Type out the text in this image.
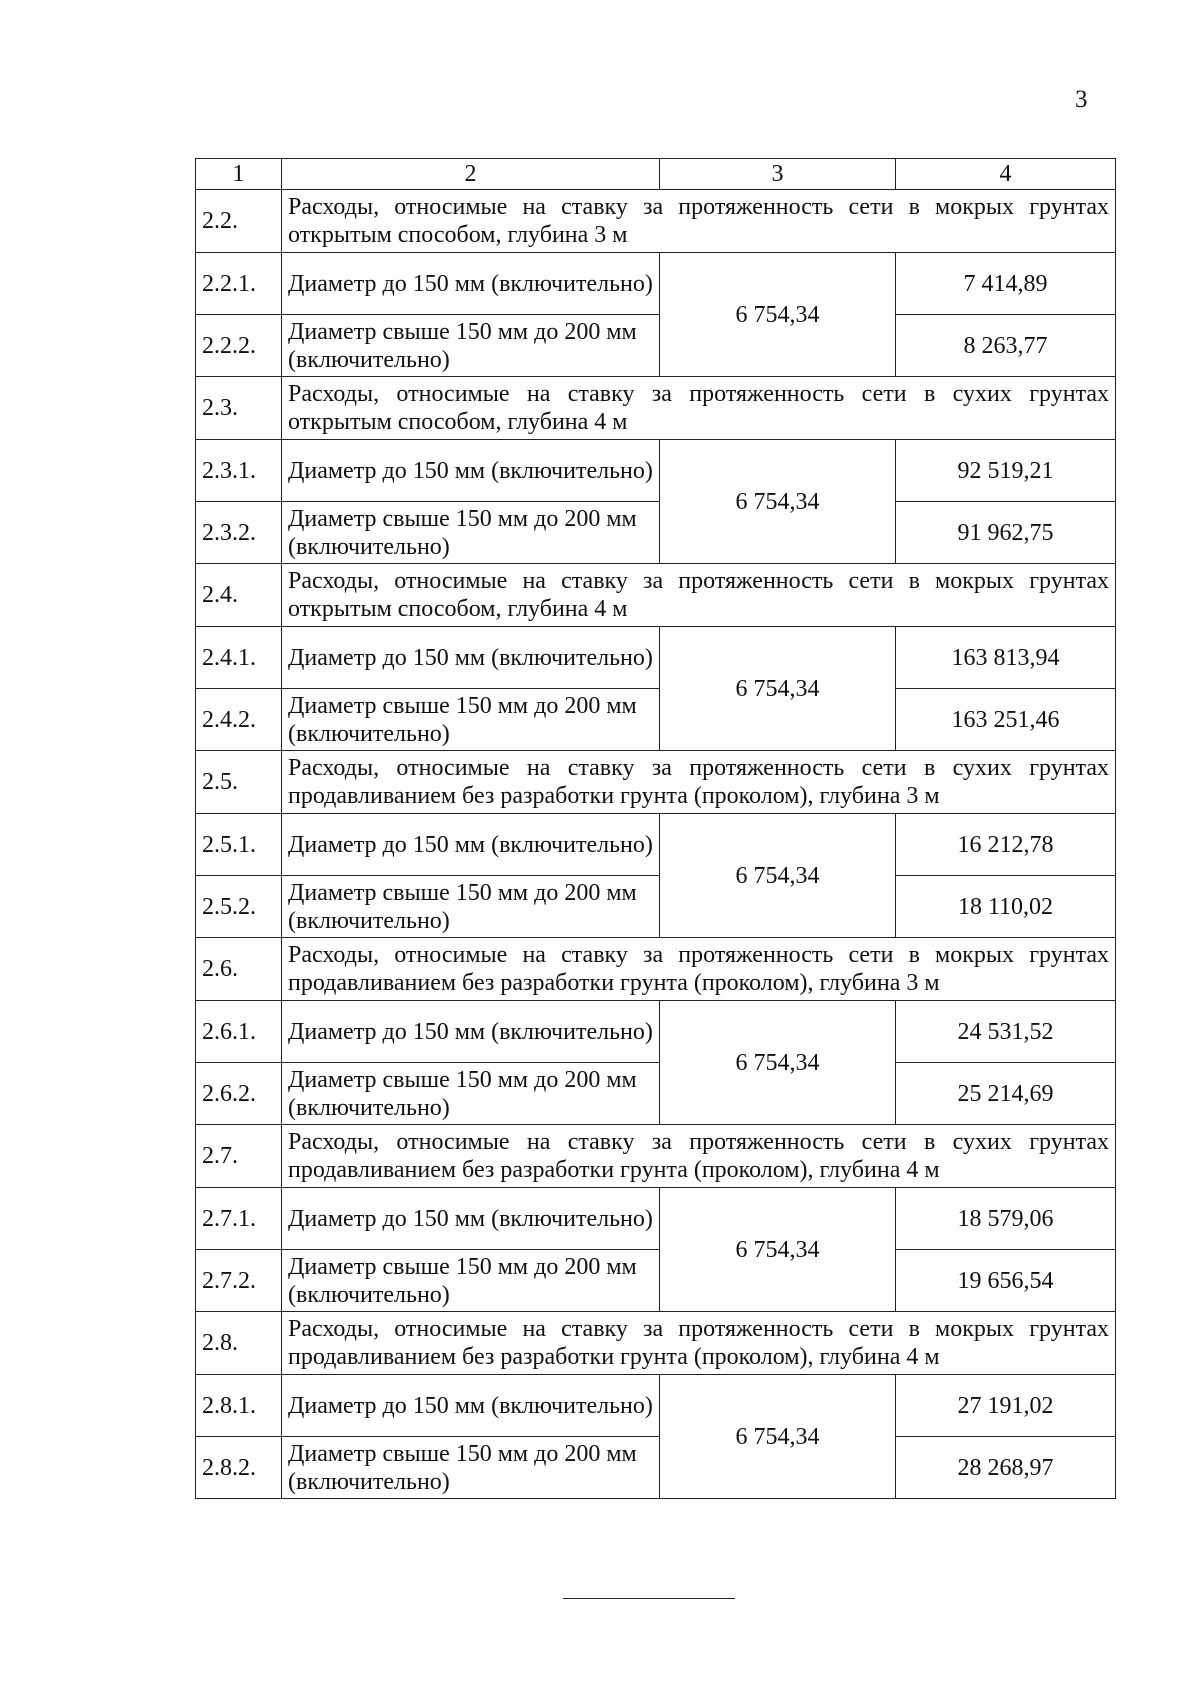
3
1	2	3	4
2.2.	Расходы, относимые на ставку за протяженность сети в мокрых грунтах открытым способом, глубина 3 м		
2.2.1.	Диаметр до 150 мм (включительно)	6 754,34	7 414,89
2.2.2.	Диаметр свыше 150 мм до 200 мм (включительно)		8 263,77
2.3.	Расходы, относимые на ставку за протяженность сети в сухих грунтах открытым способом, глубина 4 м		
2.3.1.	Диаметр до 150 мм (включительно)	6 754,34	92 519,21
2.3.2.	Диаметр свыше 150 мм до 200 мм (включительно)		91 962,75
2.4.	Расходы, относимые на ставку за протяженность сети в мокрых грунтах открытым способом, глубина 4 м		
2.4.1.	Диаметр до 150 мм (включительно)	6 754,34	163 813,94
2.4.2.	Диаметр свыше 150 мм до 200 мм (включительно)		163 251,46
2.5.	Расходы, относимые на ставку за протяженность сети в сухих грунтах продавливанием без разработки грунта (проколом), глубина 3 м		
2.5.1.	Диаметр до 150 мм (включительно)	6 754,34	16 212,78
2.5.2.	Диаметр свыше 150 мм до 200 мм (включительно)		18 110,02
2.6.	Расходы, относимые на ставку за протяженность сети в мокрых грунтах продавливанием без разработки грунта (проколом), глубина 3 м		
2.6.1.	Диаметр до 150 мм (включительно)	6 754,34	24 531,52
2.6.2.	Диаметр свыше 150 мм до 200 мм (включительно)		25 214,69
2.7.	Расходы, относимые на ставку за протяженность сети в сухих грунтах продавливанием без разработки грунта (проколом), глубина 4 м		
2.7.1.	Диаметр до 150 мм (включительно)	6 754,34	18 579,06
2.7.2.	Диаметр свыше 150 мм до 200 мм (включительно)		19 656,54
2.8.	Расходы, относимые на ставку за протяженность сети в мокрых грунтах продавливанием без разработки грунта (проколом), глубина 4 м		
2.8.1.	Диаметр до 150 мм (включительно)	6 754,34	27 191,02
2.8.2.	Диаметр свыше 150 мм до 200 мм (включительно)		28 268,97
